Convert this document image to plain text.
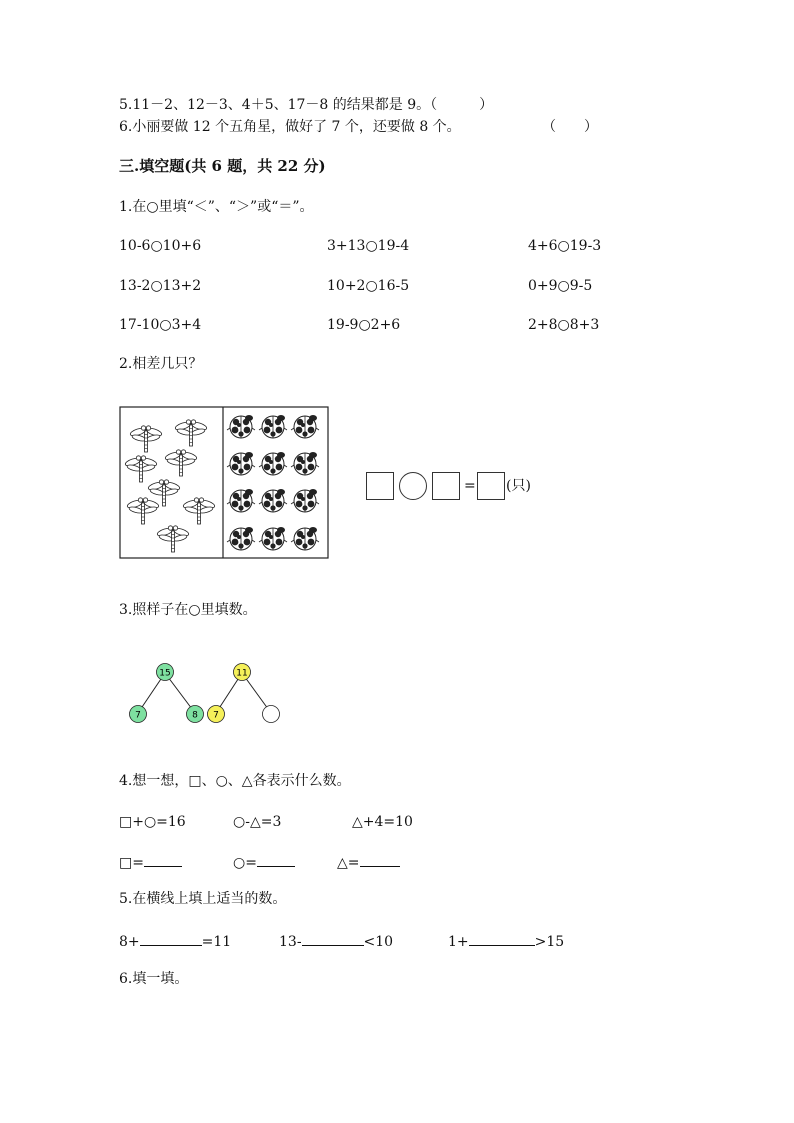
5.11－2、12－3、4＋5、17－8 的结果都是 9。（　　　）
6.小丽要做 12 个五角星，做好了 7 个，还要做 8 个。	（　　）
三.填空题(共 6 题，共 22 分)
1.在○里填“＜”、“＞”或“＝”。
10-6○10+6	3+13○19-4	4+6○19-3
13-2○13+2	10+2○16-5	0+9○9-5
17-10○3+4	19-9○2+6	2+8○8+3
2.相差几只？
= (只)
3.照样子在○里填数。
15
7	8
11
7
4.想一想，□、○、△各表示什么数。
□+○=16	○-△=3	△+4=10
□=	○=	△=
5.在横线上填上适当的数。
8+	=11	13-	<10	1+	>15
6.填一填。
